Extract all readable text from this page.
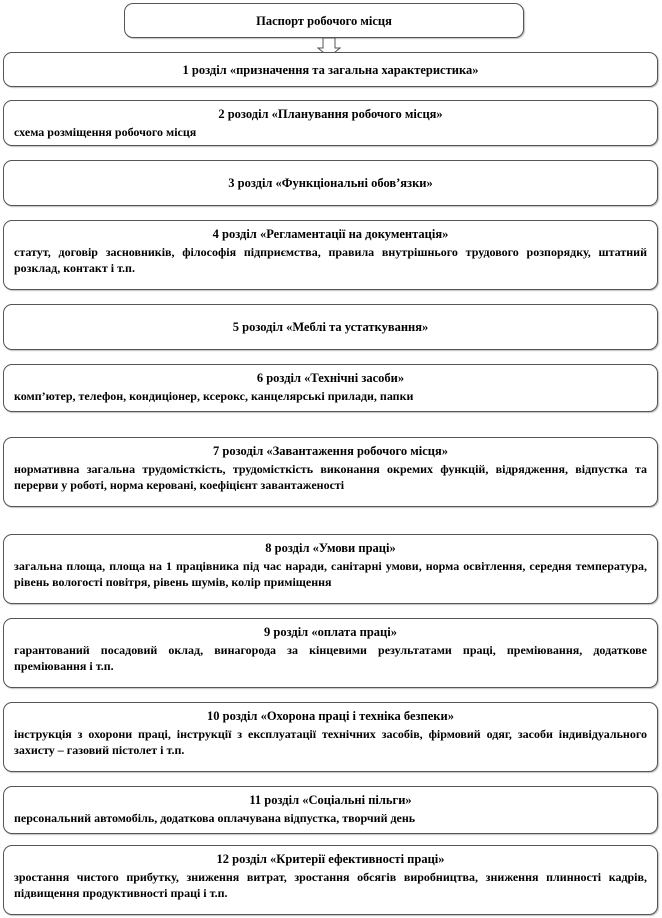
Паспорт робочого місця
1 розділ «призначення та загальна характеристика»
2 розоділ «Планування робочого місця»
схема розміщення робочого місця
3 розділ «Функціональні обов’язки»
4 розділ «Регламентації на документація»
статут, договір засновників, філософія підприємства, правила внутрішнього трудового розпорядку, штатний розклад, контакт і т.п.
5 розоділ «Меблі та устаткування»
6 розділ «Технічні засоби»
комп’ютер, телефон, кондиціонер, ксерокс, канцелярські прилади, папки
7 розоділ «Завантаження робочого місця»
нормативна загальна трудомісткість, трудомісткість виконання окремих функцій, відрядження, відпустка та перерви у роботі, норма керовані, коефіцієнт завантаженості
8 розділ «Умови праці»
загальна площа, площа на 1 працівника під час наради, санітарні умови, норма освітлення, середня температура, рівень вологості повітря, рівень шумів, колір приміщення
9 розділ «оплата праці»
гарантований посадовий оклад, винагорода за кінцевими результатами праці, преміювання, додаткове преміювання і т.п.
10 розділ «Охорона праці і техніка безпеки»
інструкція з охорони праці, інструкції з експлуатації технічних засобів, фірмовий одяг, засоби індивідуального захисту – газовий пістолет і т.п.
11 розділ «Соціальні пільги»
персональний автомобіль, додаткова оплачувана відпустка, творчий день
12 розділ «Критерії ефективності праці»
зростання чистого прибутку, зниження витрат, зростання обсягів виробництва, зниження плинності кадрів, підвищення продуктивності праці і т.п.
